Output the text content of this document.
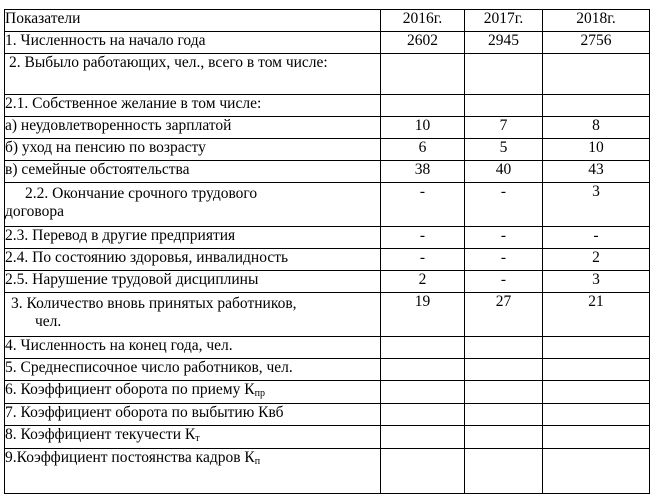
Показатели	2016г.	2017г.	2018г.
1. Численность на начало года	2602	2945	2756

2. Выбыло работающих, чел., всего в том числе:			

2.1. Собственное желание в том числе:			
а) неудовлетворенность зарплатой	10	7	8
б) уход на пенсию по возрасту	6	5	10
в) семейные обстоятельства	38	40	43

2.2. Окончание срочного трудового
договора	-	-	3
2.3. Перевод в другие предприятия	-	-	-
2.4. По состоянию здоровья, инвалидность	-	-	2
2.5. Нарушение трудовой дисциплины	2	-	3

3. Количество вновь принятых работников,
чел.	19	27	21
4. Численность на конец года, чел.			
5. Среднесписочное число работников, чел.			
6. Коэффициент оборота по приему $К_{пр}$			
7. Коэффициент оборота по выбытию Квб			
8. Коэффициент текучести $К_т$			
9.Коэффициент постоянства кадров $К_п$			
